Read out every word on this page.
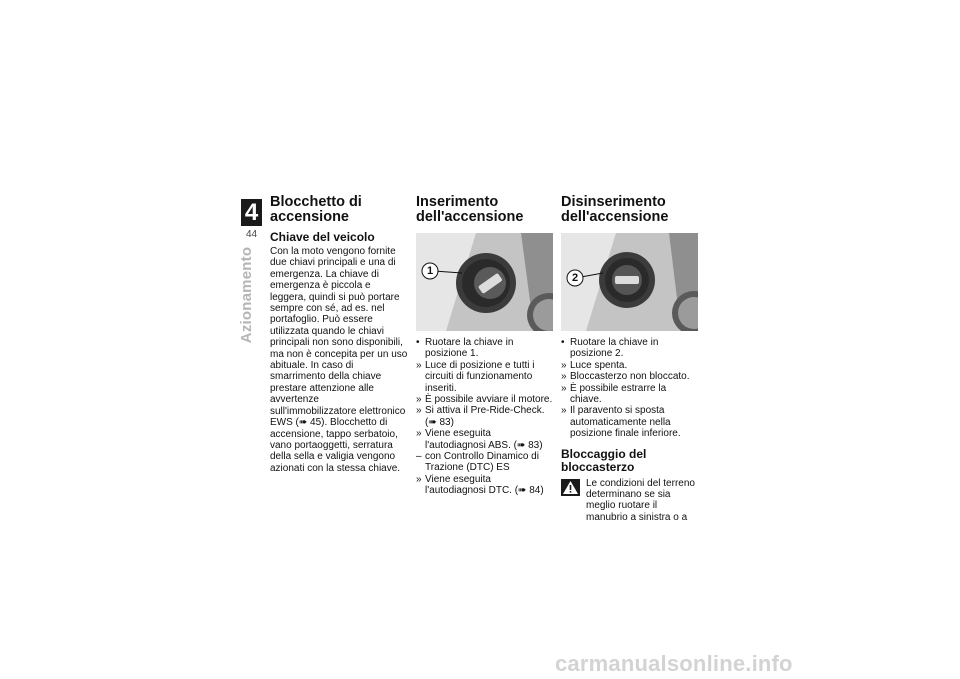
4
44
Azionamento
Blocchetto di accensione
Chiave del veicolo

Con la moto vengono fornite due chiavi principali e una di emergenza. La chiave di emergenza è piccola e leggera, quindi si può portare sempre con sé, ad es. nel portafoglio. Può essere utilizzata quando le chiavi principali non sono disponibili, ma non è concepita per un uso abituale. In caso di smarrimento della chiave prestare attenzione alle avvertenze sull'immobilizzatore elettronico EWS (➠ 45). Blocchetto di accensione, tappo serbatoio, vano portaoggetti, serratura della sella e valigia vengono azionati con la stessa chiave.

Inserimento dell'accensione
1
• Ruotare la chiave in posizione 1.
» Luce di posizione e tutti i circuiti di funzionamento inseriti.
» È possibile avviare il motore.
» Si attiva il Pre-Ride-Check. (➠ 83)
» Viene eseguita l'autodiagnosi ABS. (➠ 83)
– con Controllo Dinamico di Trazione (DTC) ES
» Viene eseguita l'autodiagnosi DTC. (➠ 84)
Disinserimento dell'accensione
2
• Ruotare la chiave in posizione 2.
» Luce spenta.
» Bloccasterzo non bloccato.
» È possibile estrarre la chiave.
» Il paravento si sposta automaticamente nella posizione finale inferiore.
Bloccaggio del bloccasterzo
Le condizioni del terreno determinano se sia meglio ruotare il manubrio a sinistra o a
carmanualsonline.info
